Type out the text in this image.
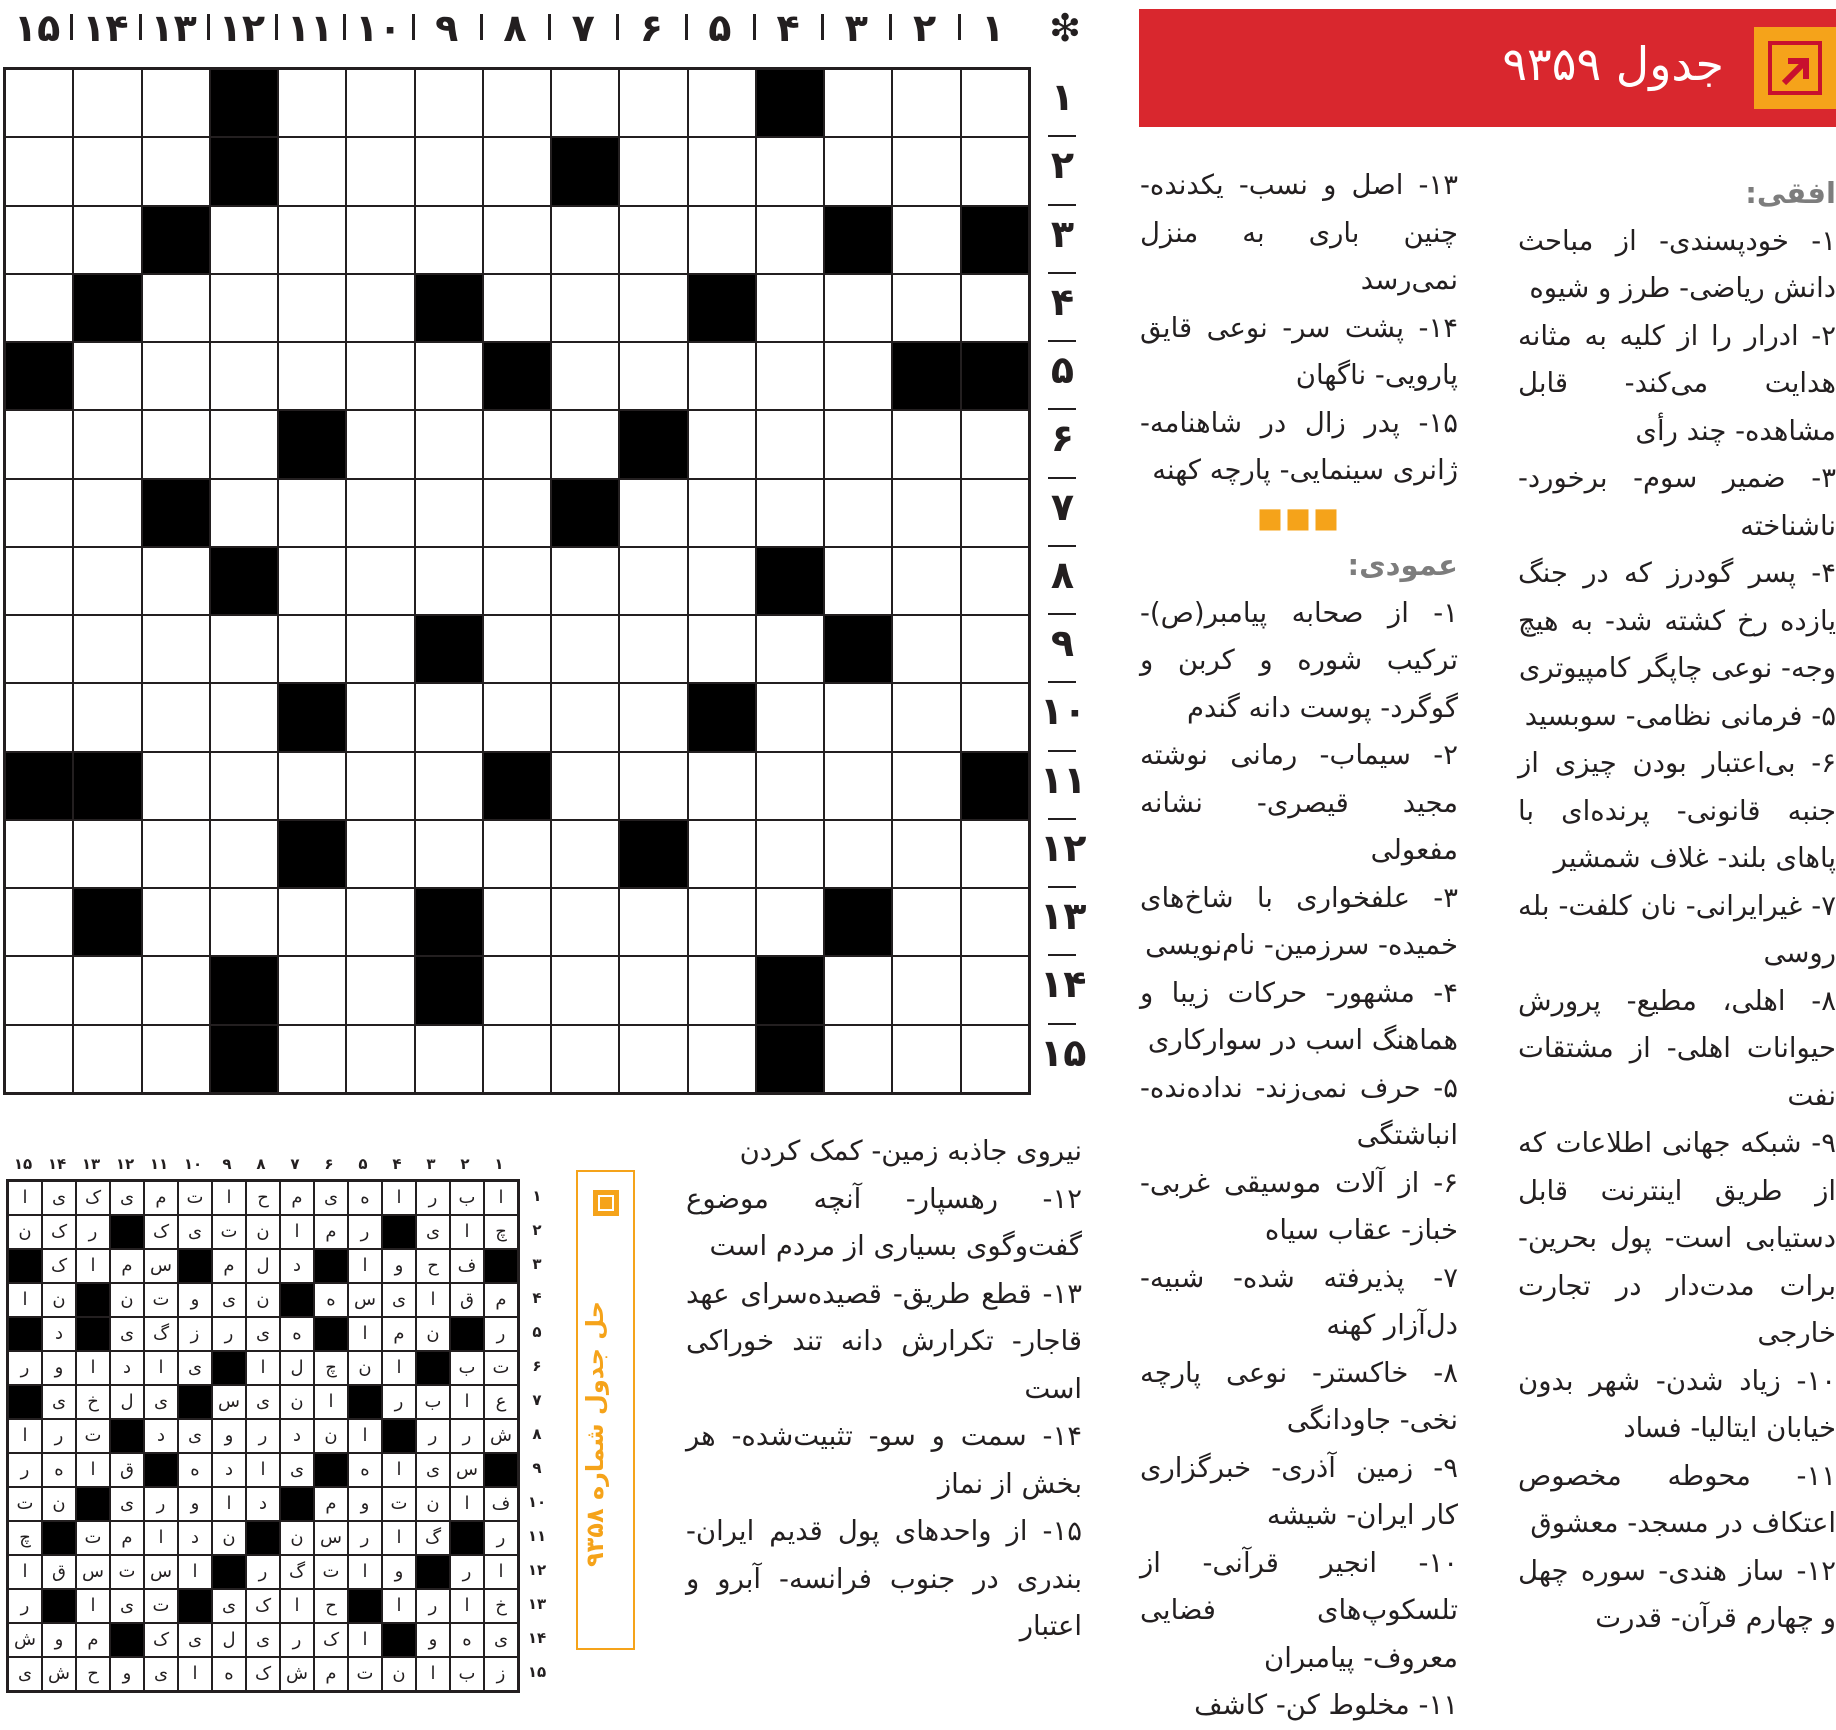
۱
۲
۳
۴
۵
۶
۷
۸
۹
۱۰
۱۱
۱۲
۱۳
۱۴
۱۵	❇
۱
۲
۳
۴
۵
۶
۷
۸
۹
۱۰
۱۱
۱۲
۱۳
۱۴
۱۵
جدول ۹۳۵۹

افقی:

۱- خودپسندی- از مباحث دانش ریاضی- طرز و شیوه

۲- ادرار را از کلیه به مثانه هدایت می‌کند- قابل مشاهده- چند رأی

۳- ضمیر سوم- برخورد- ناشناخته

۴- پسر گودرز که در جنگ یازده رخ کشته شد- به هیچ وجه- نوعی چاپگر کامپیوتری

۵- فرمانی نظامی- سوبسید

۶- بی‌اعتبار بودن چیزی از جنبه قانونی- پرنده‌ای با پاهای بلند- غلاف شمشیر

۷- غیرایرانی- نان کلفت- بله روسی

۸- اهلی، مطیع- پرورش حیوانات اهلی- از مشتقات نفت

۹- شبکه جهانی اطلاعات که از طریق اینترنت قابل دستیابی است- پول بحرین- برات مدت‌دار در تجارت خارجی

۱۰- زیاد شدن- شهر بدون خیابان ایتالیا- فساد

۱۱- محوطه مخصوص اعتکاف در مسجد- معشوق

۱۲- ساز هندی- سوره چهل و چهارم قرآن- قدرت

۱۳- اصل و نسب- یکدنده- چنین باری به منزل نمی‌رسد

۱۴- پشت سر- نوعی قایق پارویی- ناگهان

۱۵- پدر زال در شاهنامه- ژانری سینمایی- پارچه کهنه

■■■

عمودی:

۱- از صحابه پیامبر(ص)- ترکیب شوره و کربن و گوگرد- پوست دانه گندم

۲- سیماب- رمانی نوشته مجید قیصری- نشانه مفعولی

۳- علفخواری با شاخ‌های خمیده- سرزمین- نام‌نویسی

۴- مشهور- حرکات زیبا و هماهنگ اسب در سوارکاری

۵- حرف نمی‌زند- نداده‌نده- انباشتگی

۶- از آلات موسیقی غربی- خباز- عقاب سیاه

۷- پذیرفته شده- شبیه- دل‌آزار کهنه

۸- خاکستر- نوعی پارچه نخی- جاودانگی

۹- زمین آذری- خبرگزاری کار ایران- شیشه

۱۰- انجیر قرآنی- از تلسکوپ‌های فضایی معروف- پیامبران

۱۱- مخلوط کن- کاشف

نیروی جاذبه زمین- کمک کردن

۱۲- رهسپار- آنچه موضوع گفت‌وگوی بسیاری از مردم است

۱۳- قطع طریق- قصیده‌سرای عهد قاجار- تکرارش دانه تند خوراکی است

۱۴- سمت و سو- تثبیت‌شده- هر بخش از نماز

۱۵- از واحدهای پول قدیم ایران- بندری در جنوب فرانسه- آبرو و اعتبار

حل جدول شماره ۹۳۵۸
۱
۲
۳
۴
۵
۶
۷
۸
۹
۱۰
۱۱
۱۲
۱۳
۱۴
۱۵
ا
ب
ر
ا
ه
ی
م
ح
ا
ت
م
ی
ک
ی
ا
چ
ا
ی
ر
م
ا
ن
ت
ی
ک
ر
ک
ن
ف
ح
و
ا
د
ل
م
س
م
ا
ک
م
ق
ا
ی
س
ه
ن
ی
و
ت
ن
ن
ا
ر
ن
م
ا
ه
ی
ر
ز
گ
ی
د
ت
ب
ا
ن
چ
ل
ا
ی
ا
د
ا
و
ر
ع
ا
ب
ر
ا
ن
ی
س
ی
ل
خ
ی
ش
ر
ر
ا
ن
د
ر
و
ی
د
ت
ر
ا
س
ی
ا
ه
ی
ا
د
ه
ق
ا
ه
ر
ف
ا
ن
ت
و
م
د
ا
و
ر
ی
ن
ت
ر
گ
ا
ر
س
ن
ن
د
ا
م
ت
چ
ا
ر
و
ا
ت
گ
ر
ا
س
ت
س
ق
ا
خ
ا
ر
ا
ح
ا
ک
ی
ت
ی
ا
ر
ی
ه
و
ا
ک
ر
ی
ل
ی
ک
م
و
ش
ز
ب
ا
ن
ت
م
ش
ک
ه
ا
ی
و
ح
ش
ی
۱
۲
۳
۴
۵
۶
۷
۸
۹
۱۰
۱۱
۱۲
۱۳
۱۴
۱۵
